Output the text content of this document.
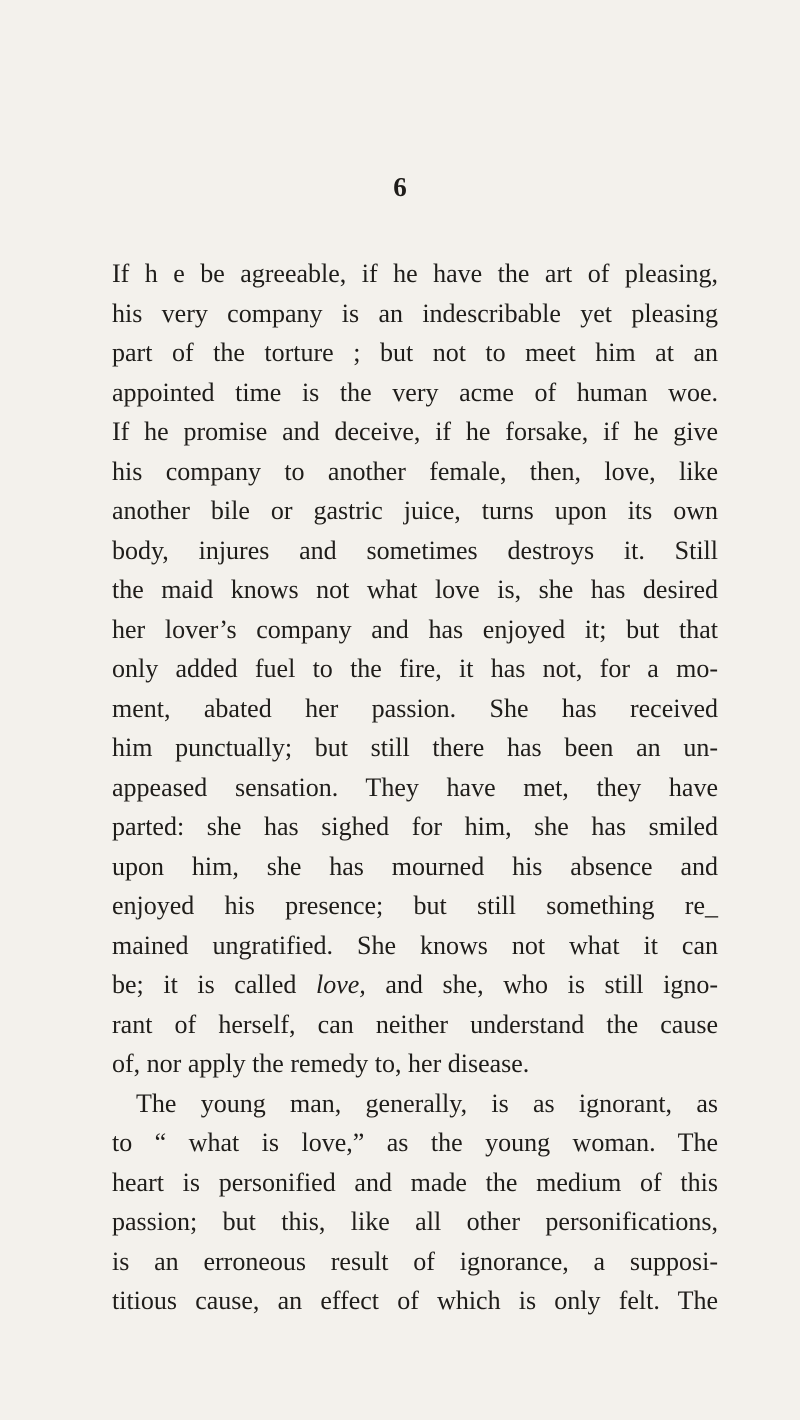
6
If h e be agreeable, if he have the art of pleasing,
his very company is an indescribable yet pleasing
part of the torture ; but not to meet him at an
appointed time is the very acme of human woe.
If he promise and deceive, if he forsake, if he give
his company to another female, then, love, like
another bile or gastric juice, turns upon its own
body, injures and sometimes destroys it. Still
the maid knows not what love is, she has desired
her lover’s company and has enjoyed it; but that
only added fuel to the fire, it has not, for a mo-
ment, abated her passion. She has received
him punctually; but still there has been an un-
appeased sensation. They have met, they have
parted: she has sighed for him, she has smiled
upon him, she has mourned his absence and
enjoyed his presence; but still something re_
mained ungratified. She knows not what it can
be; it is called love, and she, who is still igno-
rant of herself, can neither understand the cause
of, nor apply the remedy to, her disease.
The young man, generally, is as ignorant, as
to “ what is love,” as the young woman. The
heart is personified and made the medium of this
passion; but this, like all other personifications,
is an erroneous result of ignorance, a supposi-
titious cause, an effect of which is only felt. The
